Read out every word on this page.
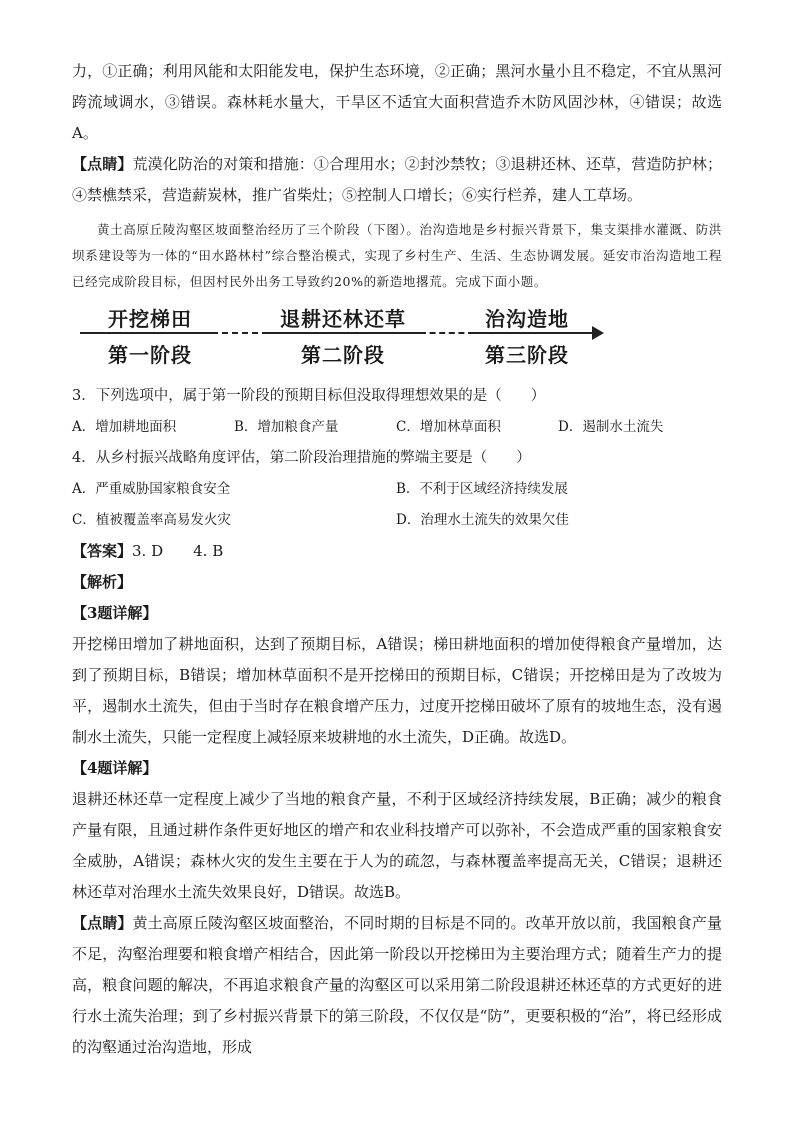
力，①正确；利用风能和太阳能发电，保护生态环境，②正确；黑河水量小且不稳定，不宜从黑河跨流域调水，③错误。森林耗水量大，干旱区不适宜大面积营造乔木防风固沙林，④错误；故选A。

【点睛】荒漠化防治的对策和措施：①合理用水；②封沙禁牧；③退耕还林、还草，营造防护林；④禁樵禁采，营造薪炭林，推广省柴灶；⑤控制人口增长；⑥实行栏养，建人工草场。

黄土高原丘陵沟壑区坡面整治经历了三个阶段（下图）。治沟造地是乡村振兴背景下，集支渠排水灌溉、防洪坝系建设等为一体的“田水路林村”综合整治模式，实现了乡村生产、生活、生态协调发展。延安市治沟造地工程已经完成阶段目标，但因村民外出务工导致约20%的新造地撂荒。完成下面小题。

开挖梯田	退耕还林还草	治沟造地
第一阶段	第二阶段	第三阶段

3．下列选项中，属于第一阶段的预期目标但没取得理想效果的是（　　）

A．增加耕地面积	B．增加粮食产量	C．增加林草面积	D．遏制水土流失

4．从乡村振兴战略角度评估，第二阶段治理措施的弊端主要是（　　）

A．严重威胁国家粮食安全	B．不利于区域经济持续发展
C．植被覆盖率高易发火灾	D．治理水土流失的效果欠佳

【答案】3. D　　4. B

【解析】

【3题详解】

开挖梯田增加了耕地面积，达到了预期目标，A错误；梯田耕地面积的增加使得粮食产量增加，达到了预期目标，B错误；增加林草面积不是开挖梯田的预期目标，C错误；开挖梯田是为了改坡为平，遏制水土流失，但由于当时存在粮食增产压力，过度开挖梯田破坏了原有的坡地生态，没有遏制水土流失，只能一定程度上减轻原来坡耕地的水土流失，D正确。故选D。

【4题详解】

退耕还林还草一定程度上减少了当地的粮食产量，不利于区域经济持续发展，B正确；减少的粮食产量有限，且通过耕作条件更好地区的增产和农业科技增产可以弥补，不会造成严重的国家粮食安全威胁，A错误；森林火灾的发生主要在于人为的疏忽，与森林覆盖率提高无关，C错误；退耕还林还草对治理水土流失效果良好，D错误。故选B。

【点睛】黄土高原丘陵沟壑区坡面整治，不同时期的目标是不同的。改革开放以前，我国粮食产量不足，沟壑治理要和粮食增产相结合，因此第一阶段以开挖梯田为主要治理方式；随着生产力的提高，粮食问题的解决，不再追求粮食产量的沟壑区可以采用第二阶段退耕还林还草的方式更好的进行水土流失治理；到了乡村振兴背景下的第三阶段，不仅仅是“防”，更要积极的“治”，将已经形成的沟壑通过治沟造地，形成
